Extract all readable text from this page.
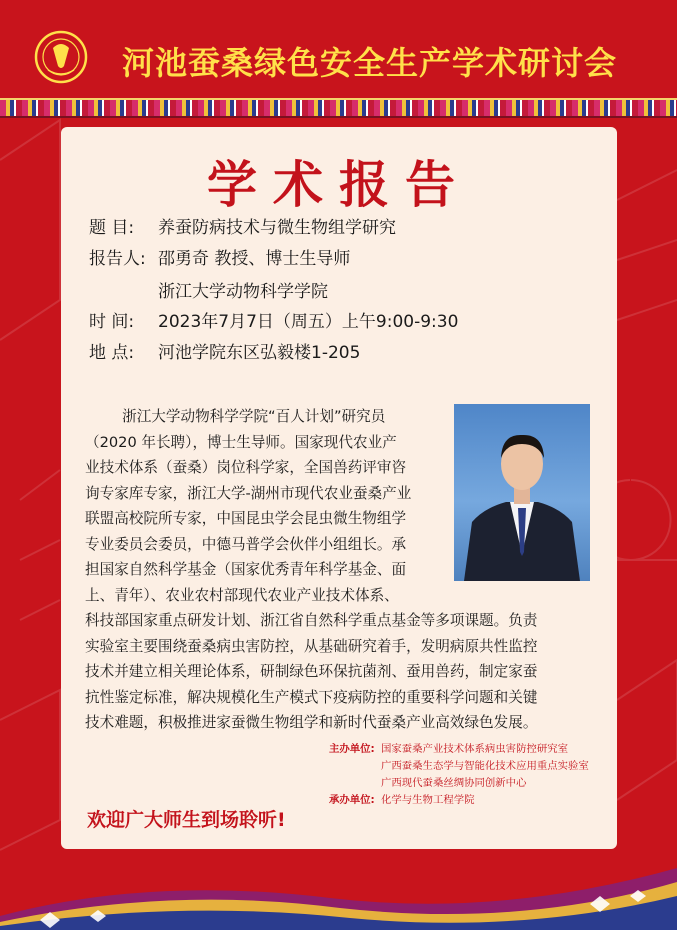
河池蚕桑绿色安全生产学术研讨会
学术报告
题 目: 养蚕防病技术与微生物组学研究
报告人: 邵勇奇 教授、博士生导师
浙江大学动物科学学院
时 间: 2023年7月7日（周五）上午9:00-9:30
地 点: 河池学院东区弘毅楼1-205
浙江大学动物科学学院“百人计划”研究员
（2020 年长聘），博士生导师。国家现代农业产
业技术体系（蚕桑）岗位科学家，全国兽药评审咨
询专家库专家，浙江大学-湖州市现代农业蚕桑产业
联盟高校院所专家，中国昆虫学会昆虫微生物组学
专业委员会委员，中德马普学会伙伴小组组长。承
担国家自然科学基金（国家优秀青年科学基金、面
上、青年）、农业农村部现代农业产业技术体系、
科技部国家重点研发计划、浙江省自然科学重点基金等多项课题。负责
实验室主要围绕蚕桑病虫害防控，从基础研究着手，发明病原共性监控
技术并建立相关理论体系，研制绿色环保抗菌剂、蚕用兽药，制定家蚕
抗性鉴定标准，解决规模化生产模式下疫病防控的重要科学问题和关键
技术难题，积极推进家蚕微生物组学和新时代蚕桑产业高效绿色发展。
欢迎广大师生到场聆听!
主办单位: 国家蚕桑产业技术体系病虫害防控研究室
广西蚕桑生态学与智能化技术应用重点实验室
广西现代蚕桑丝绸协同创新中心
承办单位: 化学与生物工程学院
